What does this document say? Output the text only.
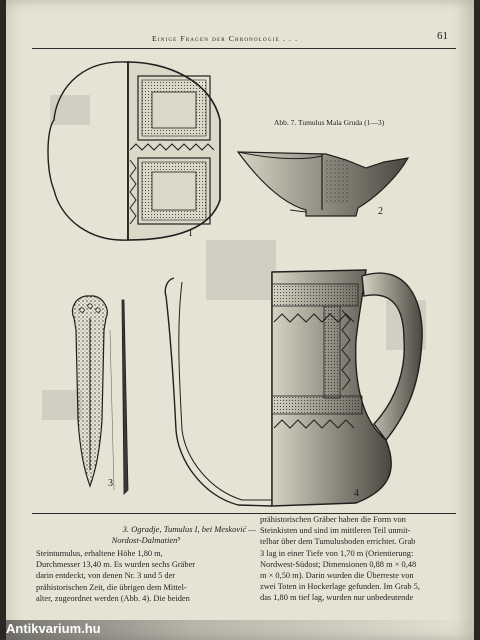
Einige Fragen der Chronologie . . .	61
Abb. 7. Tumulus Mala Gruda (1—3)
1
2
3
4
3. Ogradje, Tumulus I, bei Mesković —
Nordost-Dalmatien⁹
Steintumulus, erhaltene Höhe 1,80 m,
Durchmesser 13,40 m. Es wurden sechs Gräber
darin entdeckt, von denen Nr. 3 und 5 der
prähistorischen Zeit, die übrigen dem Mittel-
alter, zugeordnet werden (Abb. 4). Die beiden
prähistorischen Gräber haben die Form von
Steinkisten und sind im mittleren Teil unmit-
telbar über dem Tumulusboden errichtet. Grab
3 lag in einer Tiefe von 1,70 m (Orientierung:
Nordwest-Südost; Dimensionen 0,88 m × 0,48
m × 0,50 m). Darin wurden die Überreste von
zwei Toten in Hockerlage gefunden. Im Grab 5,
das 1,80 m tief lag, wurden nur unbedeutende
Antikvarium.hu
